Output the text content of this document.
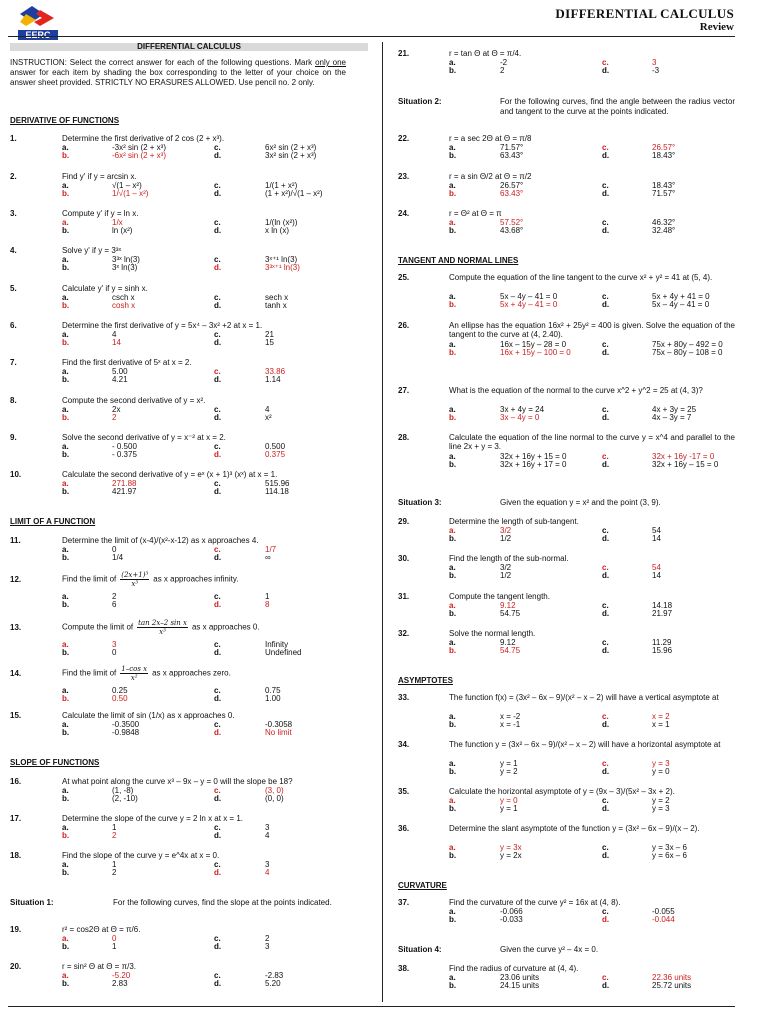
EERC
DIFFERENTIAL CALCULUS
Review
DIFFERENTIAL CALCULUS
INSTRUCTION: Select the correct answer for each of the following questions. Mark only one answer for each item by shading the box corresponding to the letter of your choice on the answer sheet provided. STRICTLY NO ERASURES ALLOWED. Use pencil no. 2 only.
DERIVATIVE OF FUNCTIONS
LIMIT OF A FUNCTION
SLOPE OF FUNCTIONS
TANGENT AND NORMAL LINES
ASYMPTOTES
CURVATURE
Situation 1:	For the following curves, find the slope at the points indicated.
Situation 2:	For the following curves, find the angle between the radius vector and tangent to the curve at the points indicated.
Situation 3:	Given the equation y = x² and the point (3, 9).
Situation 4:	Given the curve y² – 4x = 0.
1.	Determine the first derivative of 2 cos (2 + x³).
a.	-3x² sin (2 + x³)
b.	-6x² sin (2 + x³)
c.	6x² sin (2 + x³)
d.	3x² sin (2 + x³)
2.	Find y' if y = arcsin x.
a.	√(1 – x²)
b.	1/√(1 – x²)
c.	1/(1 + x²)
d.	(1 + x²)/√(1 – x²)
3.	Compute y' if y = ln x.
a.	1/x
b.	ln (x²)
c.	1/(ln (x²))
d.	x ln (x)
4.	Solve y' if y = 3³ˣ
a.	3³ˣ ln(3)
b.	3ˣ ln(3)
c.	3ˣ⁺¹ ln(3)
d.	3³ˣ⁺¹ ln(3)
5.	Calculate y' if y = sinh x.
a.	csch x
b.	cosh x
c.	sech x
d.	tanh x
6.	Determine the first derivative of y = 5x⁴ – 3x² +2 at x = 1.
a.	4
b.	14
c.	21
d.	15
7.	Find the first derivative of 5ˣ at x = 2.
a.	5.00
b.	4.21
c.	33.86
d.	1.14
8.	Compute the second derivative of y = x².
a.	2x
b.	2
c.	4
d.	x²
9.	Solve the second derivative of y = x⁻² at x = 2.
a.	- 0.500
b.	- 0.375
c.	0.500
d.	0.375
10.	Calculate the second derivative of y = eˣ (x + 1)³ (xˣ) at x = 1.
a.	271.88
b.	421.97
c.	515.96
d.	114.18
11.	Determine the limit of (x-4)/(x²-x-12) as x approaches 4.
a.	0
b.	1/4
c.	1/7
d.	∞
12.	Find the limit of $\frac{\text{(2x+1)³}}{\text{x³}}$ as x approaches infinity.
a.	2
b.	6
c.	1
d.	8
13.	Compute the limit of $\frac{\text{tan 2x–2 sin x}}{\text{x³}}$ as x approaches 0.
a.	3
b.	0
c.	Infinity
d.	Undefined
14.	Find the limit of $\frac{\text{1–cos x}}{\text{x²}}$ as x approaches zero.
a.	0.25
b.	0.50
c.	0.75
d.	1.00
15.	Calculate the limit of sin (1/x) as x approaches 0.
a.	-0.3500
b.	-0.9848
c.	-0.3058
d.	No limit
16.	At what point along the curve x³ – 9x – y = 0 will the slope be 18?
a.	(1, -8)
b.	(2, -10)
c.	(3, 0)
d.	(0, 0)
17.	Determine the slope of the curve y = 2 ln x at x = 1.
a.	1
b.	2
c.	3
d.	4
18.	Find the slope of the curve y = e^4x at x = 0.
a.	1
b.	2
c.	3
d.	4
19.	r² = cos2Θ at Θ = π/6.
a.	0
b.	1
c.	2
d.	3
20.	r = sin² Θ at Θ = π/3.
a.	-5.20
b.	2.83
c.	-2.83
d.	5.20
21.	r = tan Θ at Θ = π/4.
a.	-2
b.	2
c.	3
d.	-3
22.	r = a sec 2Θ at Θ = π/8
a.	71.57°
b.	63.43°
c.	26.57°
d.	18.43°
23.	r = a sin Θ/2 at Θ = π/2
a.	26.57°
b.	63.43°
c.	18.43°
d.	71.57°
24.	r = Θ² at Θ = π
a.	57.52°
b.	43.68°
c.	46.32°
d.	32.48°
25.	Compute the equation of the line tangent to the curve x² + y² = 41 at (5, 4).
a.	5x – 4y – 41 = 0
b.	5x + 4y – 41 = 0
c.	5x + 4y + 41 = 0
d.	5x – 4y – 41 = 0
26.	An ellipse has the equation 16x² + 25y² = 400 is given. Solve the equation of the tangent to the curve at (4, 2.40).
a.	16x – 15y – 28 = 0
b.	16x + 15y – 100 = 0
c.	75x + 80y – 492 = 0
d.	75x – 80y – 108 = 0
27.	What is the equation of the normal to the curve x^2 + y^2 = 25 at (4, 3)?
a.	3x + 4y = 24
b.	3x – 4y = 0
c.	4x + 3y = 25
d.	4x – 3y = 7
28.	Calculate the equation of the line normal to the curve y = x^4 and parallel to the line 2x + y = 3.
a.	32x + 16y + 15 = 0
b.	32x + 16y + 17 = 0
c.	32x + 16y -17 = 0
d.	32x + 16y – 15 = 0
29.	Determine the length of sub-tangent.
a.	3/2
b.	1/2
c.	54
d.	14
30.	Find the length of the sub-normal.
a.	3/2
b.	1/2
c.	54
d.	14
31.	Compute the tangent length.
a.	9.12
b.	54.75
c.	14.18
d.	21.97
32.	Solve the normal length.
a.	9.12
b.	54.75
c.	11.29
d.	15.96
33.	The function f(x) = (3x² – 6x – 9)/(x² – x – 2) will have a vertical asymptote at
a.	x = -2
b.	x = -1
c.	x = 2
d.	x = 1
34.	The function y = (3x² – 6x – 9)/(x² – x – 2) will have a horizontal asymptote at
a.	y = 1
b.	y = 2
c.	y = 3
d.	y = 0
35.	Calculate the horizontal asymptote of y = (9x – 3)/(5x² – 3x + 2).
a.	y = 0
b.	y = 1
c.	y = 2
d.	y = 3
36.	Determine the slant asymptote of the function y = (3x² – 6x – 9)/(x – 2).
a.	y = 3x
b.	y = 2x
c.	y = 3x – 6
d.	y = 6x – 6
37.	Find the curvature of the curve y² = 16x at (4, 8).
a.	-0.066
b.	-0.033
c.	-0.055
d.	-0.044
38.	Find the radius of curvature at (4, 4).
a.	23.06 units
b.	24.15 units
c.	22.36 units
d.	25.72 units
